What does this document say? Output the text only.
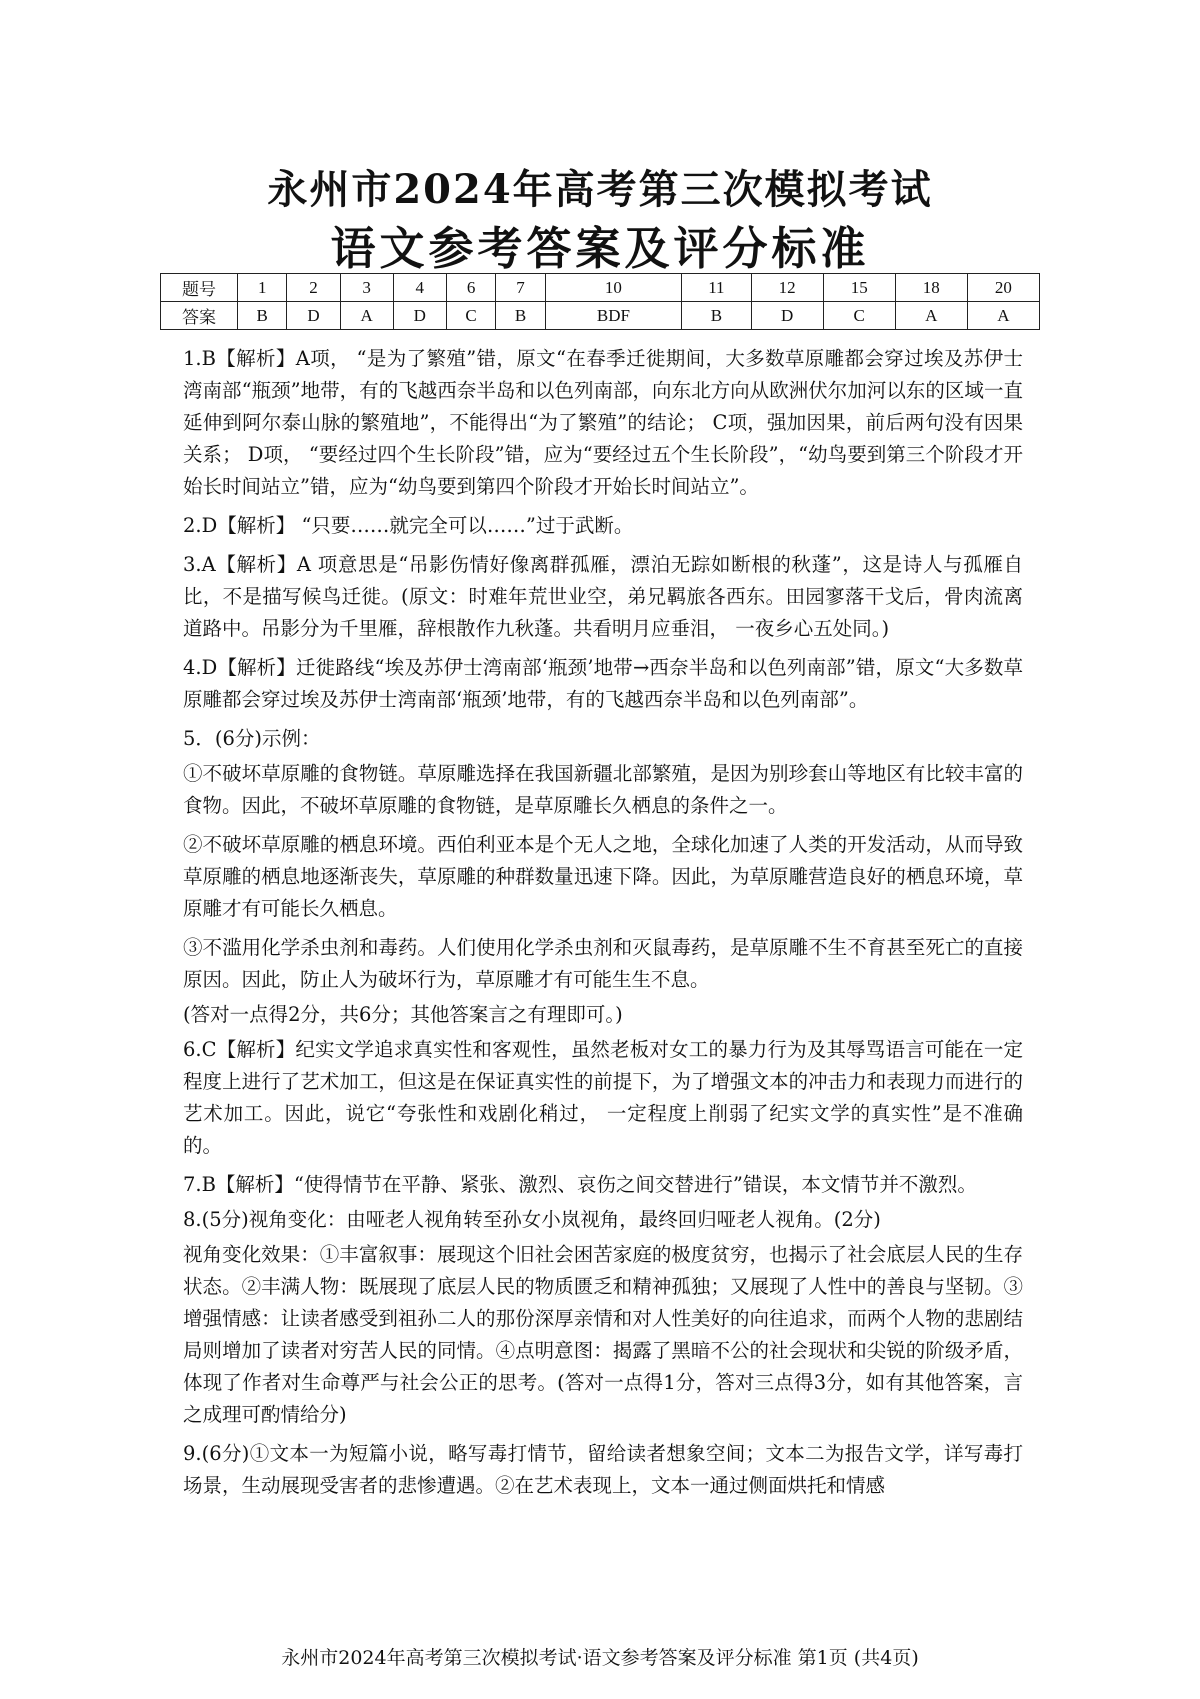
永州市2024年高考第三次模拟考试
语文参考答案及评分标准
题号	1	2	3	4	6	7	10	11	12	15	18	20
答案	B	D	A	D	C	B	BDF	B	D	C	A	A

1.B【解析】A项， “是为了繁殖”错，原文“在春季迁徙期间，大多数草原雕都会穿过埃及苏伊士湾南部“瓶颈”地带，有的飞越西奈半岛和以色列南部，向东北方向从欧洲伏尔加河以东的区域一直延伸到阿尔泰山脉的繁殖地”，不能得出“为了繁殖”的结论； C项，强加因果，前后两句没有因果关系； D项， “要经过四个生长阶段”错，应为“要经过五个生长阶段”，“幼鸟要到第三个阶段才开始长时间站立”错，应为“幼鸟要到第四个阶段才开始长时间站立”。

2.D【解析】 “只要……就完全可以……”过于武断。

3.A【解析】A 项意思是“吊影伤情好像离群孤雁，漂泊无踪如断根的秋蓬”，这是诗人与孤雁自比，不是描写候鸟迁徙。(原文：时难年荒世业空，弟兄羁旅各西东。田园寥落干戈后，骨肉流离道路中。吊影分为千里雁，辞根散作九秋蓬。共看明月应垂泪， 一夜乡心五处同。)

4.D【解析】迁徙路线“埃及苏伊士湾南部‘瓶颈’地带→西奈半岛和以色列南部”错，原文“大多数草原雕都会穿过埃及苏伊士湾南部‘瓶颈’地带，有的飞越西奈半岛和以色列南部”。

5．(6分)示例：

①不破坏草原雕的食物链。草原雕选择在我国新疆北部繁殖，是因为别珍套山等地区有比较丰富的食物。因此，不破坏草原雕的食物链，是草原雕长久栖息的条件之一。

②不破坏草原雕的栖息环境。西伯利亚本是个无人之地，全球化加速了人类的开发活动，从而导致草原雕的栖息地逐渐丧失，草原雕的种群数量迅速下降。因此，为草原雕营造良好的栖息环境，草原雕才有可能长久栖息。

③不滥用化学杀虫剂和毒药。人们使用化学杀虫剂和灭鼠毒药，是草原雕不生不育甚至死亡的直接原因。因此，防止人为破坏行为，草原雕才有可能生生不息。

(答对一点得2分，共6分；其他答案言之有理即可。)

6.C【解析】纪实文学追求真实性和客观性，虽然老板对女工的暴力行为及其辱骂语言可能在一定程度上进行了艺术加工，但这是在保证真实性的前提下，为了增强文本的冲击力和表现力而进行的艺术加工。因此，说它“夸张性和戏剧化稍过， 一定程度上削弱了纪实文学的真实性”是不准确的。

7.B【解析】“使得情节在平静、紧张、激烈、哀伤之间交替进行”错误，本文情节并不激烈。

8.(5分)视角变化：由哑老人视角转至孙女小岚视角，最终回归哑老人视角。(2分)

视角变化效果：①丰富叙事：展现这个旧社会困苦家庭的极度贫穷，也揭示了社会底层人民的生存状态。②丰满人物：既展现了底层人民的物质匮乏和精神孤独；又展现了人性中的善良与坚韧。③增强情感：让读者感受到祖孙二人的那份深厚亲情和对人性美好的向往追求，而两个人物的悲剧结局则增加了读者对穷苦人民的同情。④点明意图：揭露了黑暗不公的社会现状和尖锐的阶级矛盾，体现了作者对生命尊严与社会公正的思考。(答对一点得1分，答对三点得3分，如有其他答案，言之成理可酌情给分)

9.(6分)①文本一为短篇小说，略写毒打情节，留给读者想象空间；文本二为报告文学，详写毒打场景，生动展现受害者的悲惨遭遇。②在艺术表现上，文本一通过侧面烘托和情感

永州市2024年高考第三次模拟考试·语文参考答案及评分标准 第1页 (共4页)
